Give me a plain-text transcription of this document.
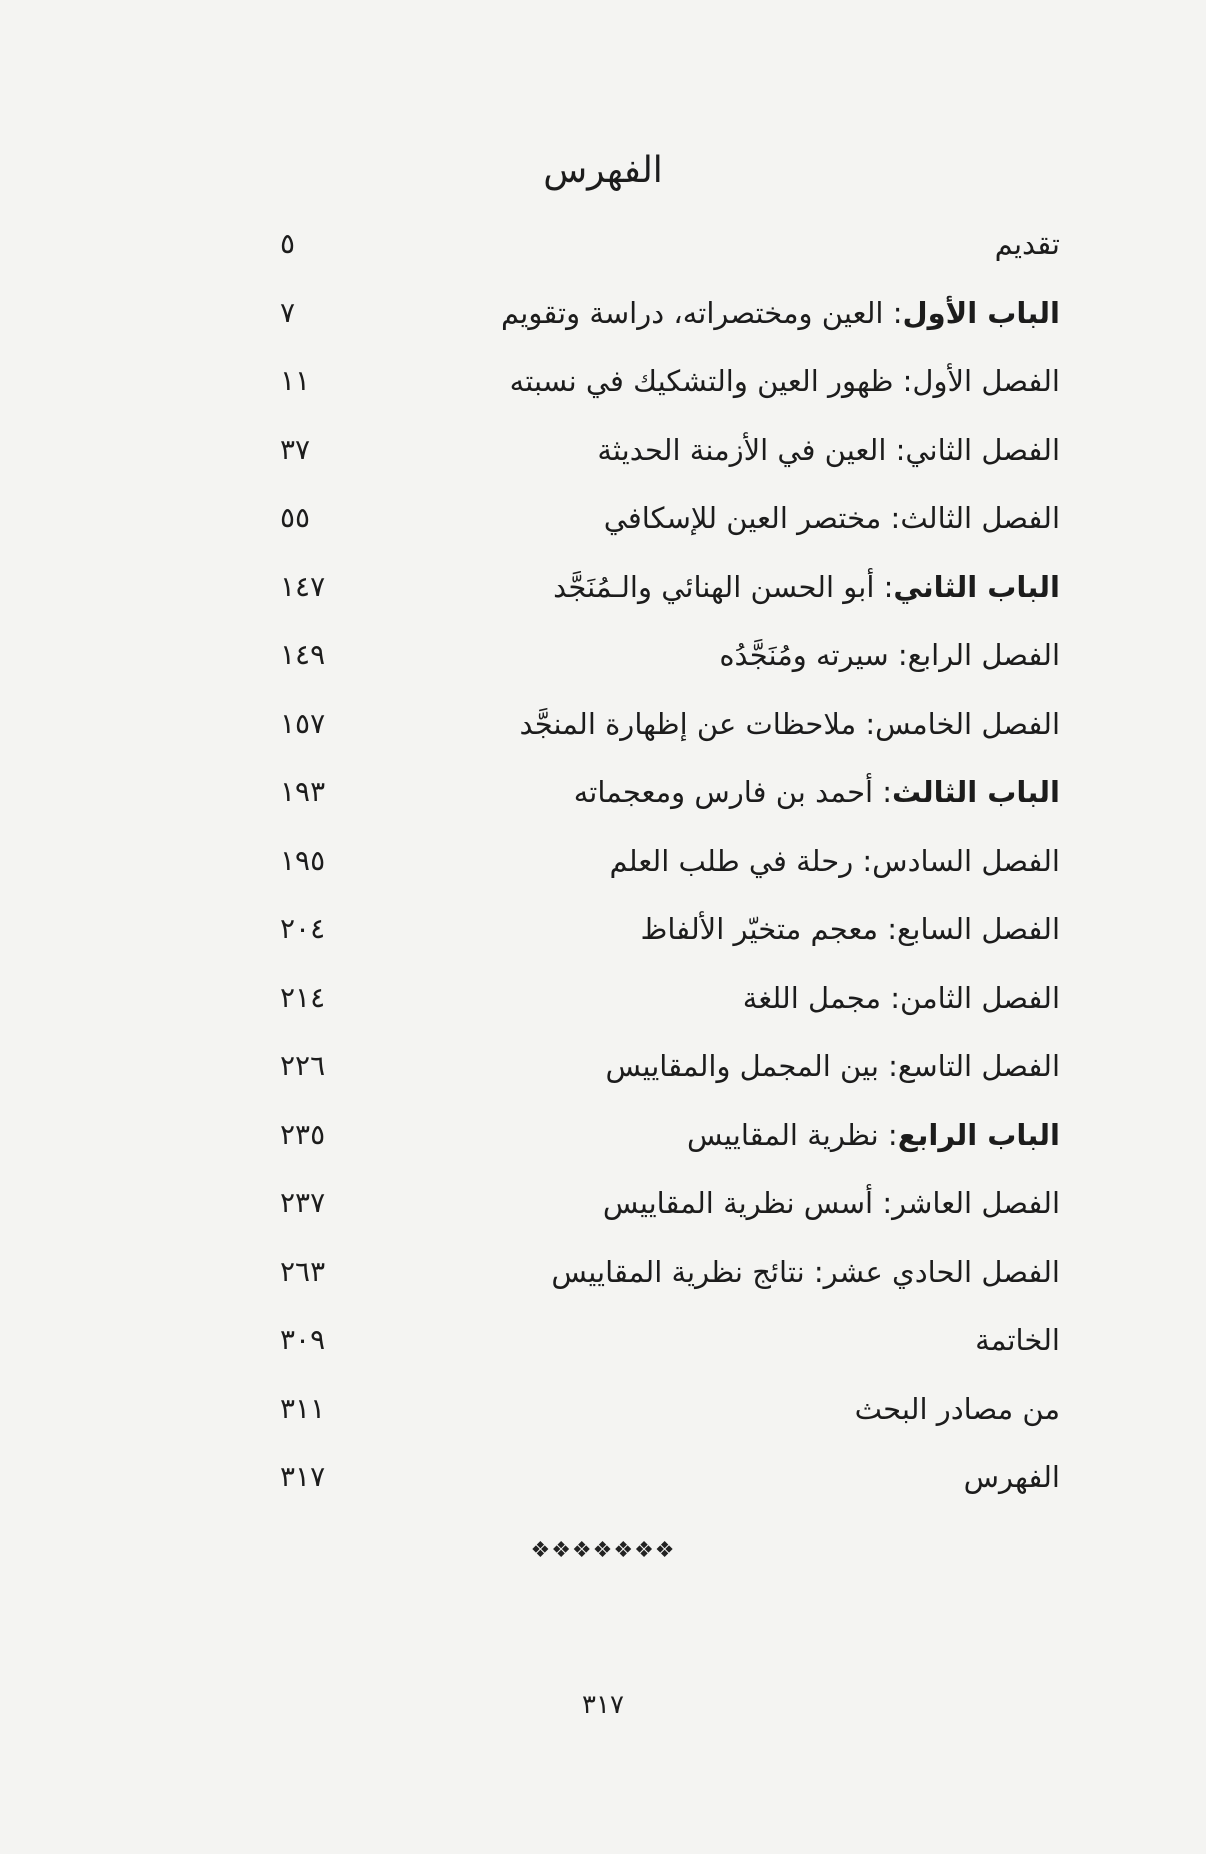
الفهرس
تقديم
٥
الباب الأول: العين ومختصراته، دراسة وتقويم
٧
الفصل الأول: ظهور العين والتشكيك في نسبته
١١
الفصل الثاني: العين في الأزمنة الحديثة
٣٧
الفصل الثالث: مختصر العين للإسكافي
٥٥
الباب الثاني: أبو الحسن الهنائي والـمُنَجَّد
١٤٧
الفصل الرابع: سيرته ومُنَجَّدُه
١٤٩
الفصل الخامس: ملاحظات عن إظهارة المنجَّد
١٥٧
الباب الثالث: أحمد بن فارس ومعجماته
١٩٣
الفصل السادس: رحلة في طلب العلم
١٩٥
الفصل السابع: معجم متخيّر الألفاظ
٢٠٤
الفصل الثامن: مجمل اللغة
٢١٤
الفصل التاسع: بين المجمل والمقاييس
٢٢٦
الباب الرابع: نظرية المقاييس
٢٣٥
الفصل العاشر: أسس نظرية المقاييس
٢٣٧
الفصل الحادي عشر: نتائج نظرية المقاييس
٢٦٣
الخاتمة
٣٠٩
من مصادر البحث
٣١١
الفهرس
٣١٧
❖❖❖❖❖❖❖
٣١٧
